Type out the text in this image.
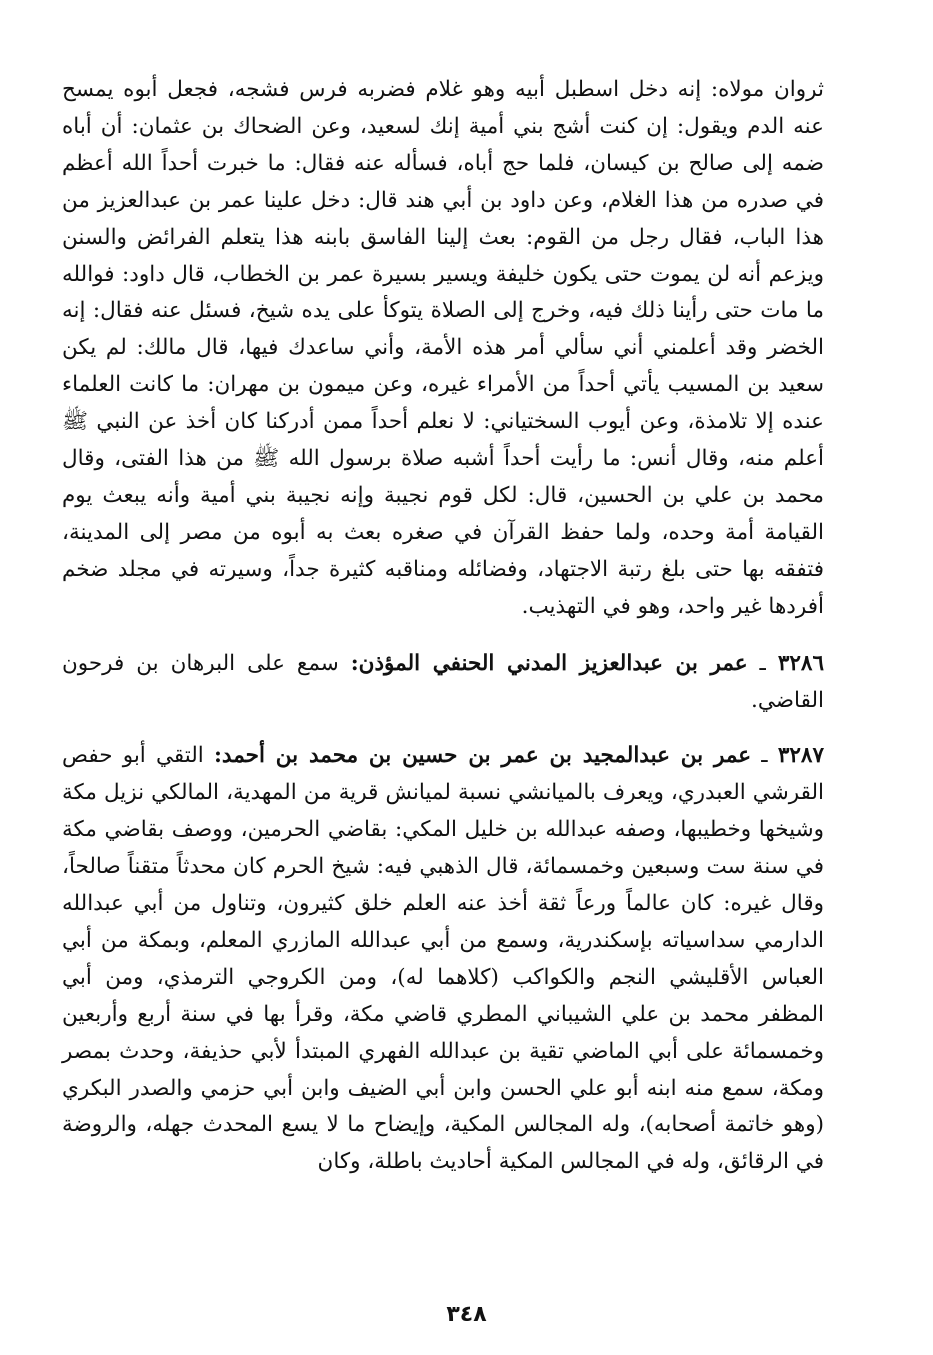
ثروان مولاه: إنه دخل اسطبل أبيه وهو غلام فضربه فرس فشجه، فجعل أبوه يمسح عنه الدم ويقول: إن كنت أشج بني أمية إنك لسعيد، وعن الضحاك بن عثمان: أن أباه ضمه إلى صالح بن كيسان، فلما حج أباه، فسأله عنه فقال: ما خبرت أحداً الله أعظم في صدره من هذا الغلام، وعن داود بن أبي هند قال: دخل علينا عمر بن عبدالعزيز من هذا الباب، فقال رجل من القوم: بعث إلينا الفاسق بابنه هذا يتعلم الفرائض والسنن ويزعم أنه لن يموت حتى يكون خليفة ويسير بسيرة عمر بن الخطاب، قال داود: فوالله ما مات حتى رأينا ذلك فيه، وخرج إلى الصلاة يتوكأ على يده شيخ، فسئل عنه فقال: إنه الخضر وقد أعلمني أني سألي أمر هذه الأمة، وأني ساعدك فيها، قال مالك: لم يكن سعيد بن المسيب يأتي أحداً من الأمراء غيره، وعن ميمون بن مهران: ما كانت العلماء عنده إلا تلامذة، وعن أيوب السختياني: لا نعلم أحداً ممن أدركنا كان أخذ عن النبي ﷺ أعلم منه، وقال أنس: ما رأيت أحداً أشبه صلاة برسول الله ﷺ من هذا الفتى، وقال محمد بن علي بن الحسين، قال: لكل قوم نجيبة وإنه نجيبة بني أمية وأنه يبعث يوم القيامة أمة وحده، ولما حفظ القرآن في صغره بعث به أبوه من مصر إلى المدينة، فتفقه بها حتى بلغ رتبة الاجتهاد، وفضائله ومناقبه كثيرة جداً، وسيرته في مجلد ضخم أفردها غير واحد، وهو في التهذيب.

٣٢٨٦ ـ عمر بن عبدالعزيز المدني الحنفي المؤذن: سمع على البرهان بن فرحون القاضي.

٣٢٨٧ ـ عمر بن عبدالمجيد بن عمر بن حسين بن محمد بن أحمد: التقي أبو حفص القرشي العبدري، ويعرف بالميانشي نسبة لميانش قرية من المهدية، المالكي نزيل مكة وشيخها وخطيبها، وصفه عبدالله بن خليل المكي: بقاضي الحرمين، ووصف بقاضي مكة في سنة ست وسبعين وخمسمائة، قال الذهبي فيه: شيخ الحرم كان محدثاً متقناً صالحاً، وقال غيره: كان عالماً ورعاً ثقة أخذ عنه العلم خلق كثيرون، وتناول من أبي عبدالله الدارمي سداسياته بإسكندرية، وسمع من أبي عبدالله المازري المعلم، وبمكة من أبي العباس الأقليشي النجم والكواكب (كلاهما له)، ومن الكروجي الترمذي، ومن أبي المظفر محمد بن علي الشيباني المطري قاضي مكة، وقرأ بها في سنة أربع وأربعين وخمسمائة على أبي الماضي تقية بن عبدالله الفهري المبتدأ لأبي حذيفة، وحدث بمصر ومكة، سمع منه ابنه أبو علي الحسن وابن أبي الضيف وابن أبي حزمي والصدر البكري (وهو خاتمة أصحابه)، وله المجالس المكية، وإيضاح ما لا يسع المحدث جهله، والروضة في الرقائق، وله في المجالس المكية أحاديث باطلة، وكان

٣٤٨
